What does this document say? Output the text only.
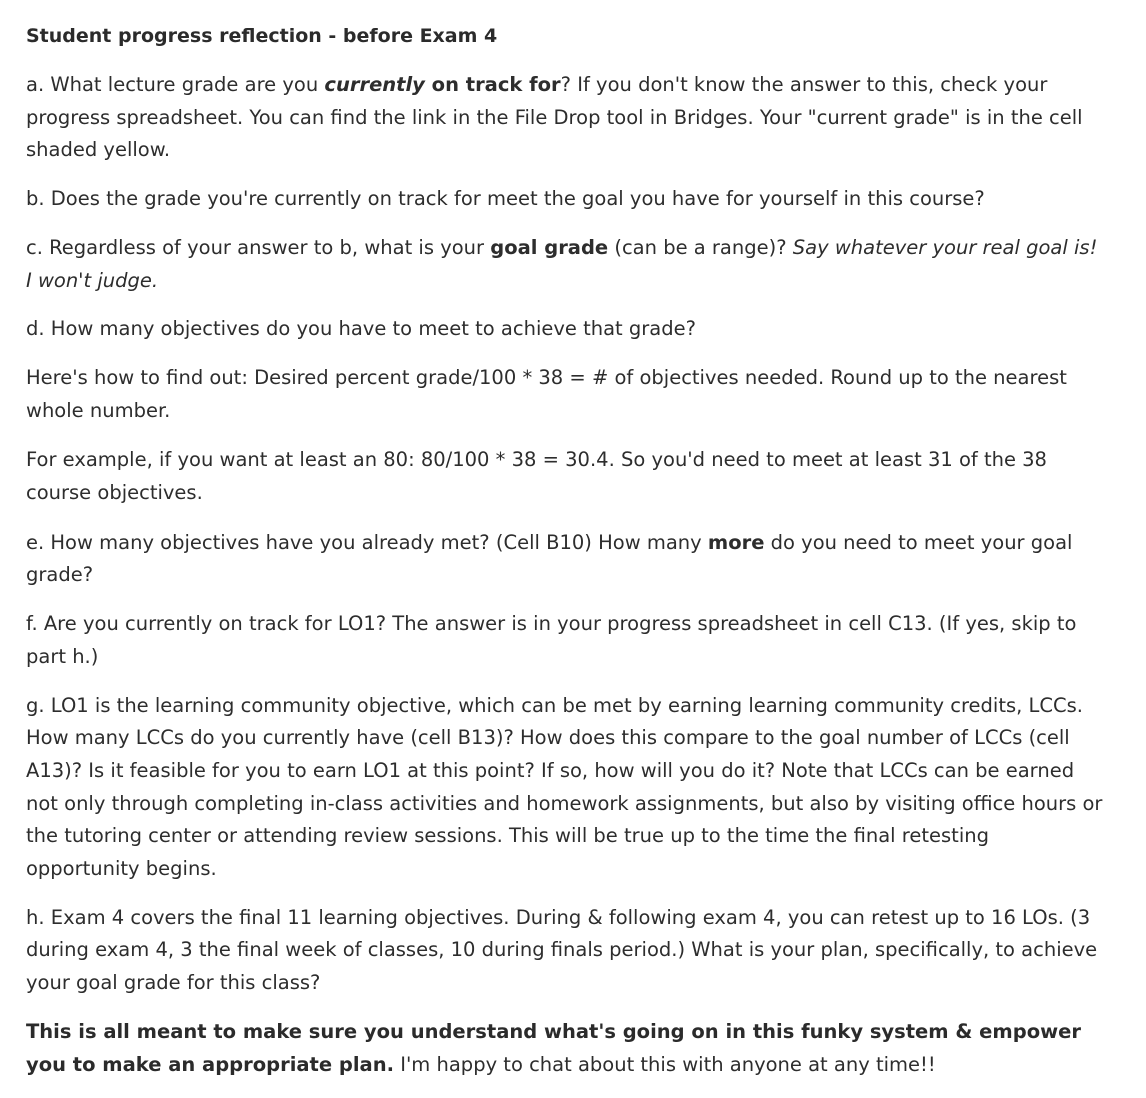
Student progress reflection - before Exam 4

a. What lecture grade are you currently on track for? If you don't know the answer to this, check your progress spreadsheet. You can find the link in the File Drop tool in Bridges. Your "current grade" is in the cell shaded yellow.

b. Does the grade you're currently on track for meet the goal you have for yourself in this course?

c. Regardless of your answer to b, what is your goal grade (can be a range)? Say whatever your real goal is! I won't judge.

d. How many objectives do you have to meet to achieve that grade?

Here's how to find out: Desired percent grade/100 * 38 = # of objectives needed. Round up to the nearest whole number.

For example, if you want at least an 80: 80/100 * 38 = 30.4. So you'd need to meet at least 31 of the 38 course objectives.

e. How many objectives have you already met? (Cell B10) How many more do you need to meet your goal grade?

f. Are you currently on track for LO1? The answer is in your progress spreadsheet in cell C13. (If yes, skip to part h.)

g. LO1 is the learning community objective, which can be met by earning learning community credits, LCCs. How many LCCs do you currently have (cell B13)? How does this compare to the goal number of LCCs (cell A13)? Is it feasible for you to earn LO1 at this point? If so, how will you do it? Note that LCCs can be earned not only through completing in-class activities and homework assignments, but also by visiting office hours or the tutoring center or attending review sessions. This will be true up to the time the final retesting opportunity begins.

h. Exam 4 covers the final 11 learning objectives. During & following exam 4, you can retest up to 16 LOs. (3 during exam 4, 3 the final week of classes, 10 during finals period.) What is your plan, specifically, to achieve your goal grade for this class?

This is all meant to make sure you understand what's going on in this funky system & empower you to make an appropriate plan. I'm happy to chat about this with anyone at any time!!
